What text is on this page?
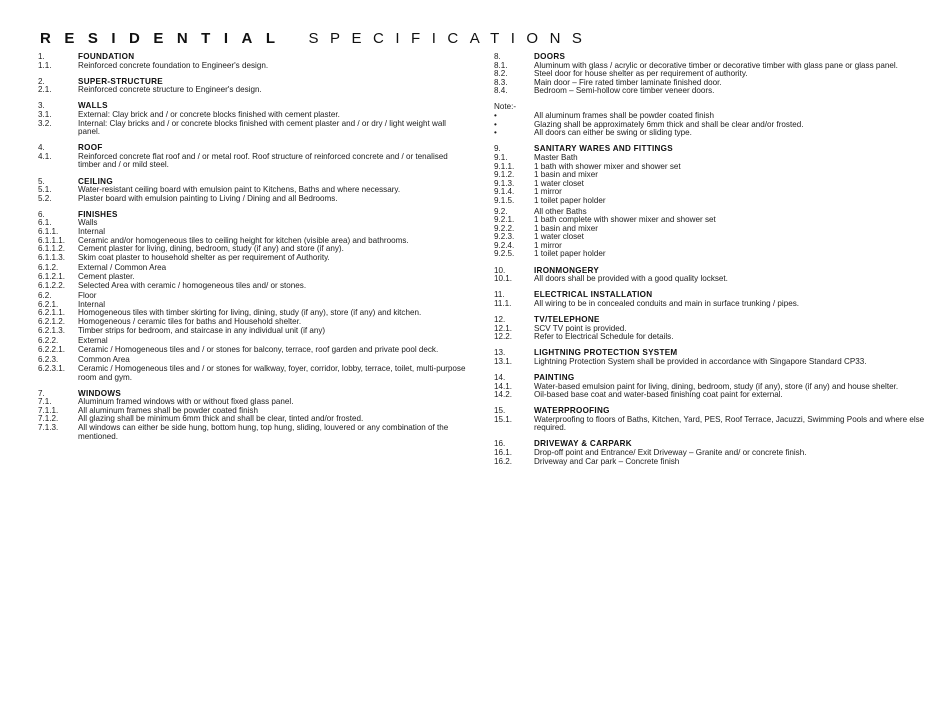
RESIDENTIAL SPECIFICATIONS
1.	FOUNDATION
1.1.	Reinforced concrete foundation to Engineer's design.
2.	SUPER-STRUCTURE
2.1.	Reinforced concrete structure to Engineer's design.
3.	WALLS
3.1.	External: Clay brick and / or concrete blocks finished with cement plaster.
3.2.	Internal: Clay bricks and / or concrete blocks finished with cement plaster and / or dry / light weight wall panel.
4.	ROOF
4.1.	Reinforced concrete flat roof and / or metal roof. Roof structure of reinforced concrete and / or tenalised timber and / or mild steel.
5.	CEILING
5.1.	Water-resistant ceiling board with emulsion paint to Kitchens, Baths and where necessary.
5.2.	Plaster board with emulsion painting to Living / Dining and all Bedrooms.
6.	FINISHES
6.1.	Walls
6.1.1.	Internal
6.1.1.1.	Ceramic and/or homogeneous tiles to ceiling height for kitchen (visible area) and bathrooms.
6.1.1.2.	Cement plaster for living, dining, bedroom, study (if any) and store (if any).
6.1.1.3.	Skim coat plaster to household shelter as per requirement of Authority.
6.1.2.	External / Common Area
6.1.2.1.	Cement plaster.
6.1.2.2.	Selected Area with ceramic / homogeneous tiles and/ or stones.
6.2.	Floor
6.2.1.	Internal
6.2.1.1.	Homogeneous tiles with timber skirting for living, dining, study (if any), store (if any) and kitchen.
6.2.1.2.	Homogeneous / ceramic tiles for baths and Household shelter.
6.2.1.3.	Timber strips for bedroom, and staircase in any individual unit (if any)
6.2.2.	External
6.2.2.1.	Ceramic / Homogeneous tiles and / or stones for balcony, terrace, roof garden and private pool deck.
6.2.3.	Common Area
6.2.3.1.	Ceramic / Homogeneous tiles and / or stones for walkway, foyer, corridor, lobby, terrace, toilet, multi-purpose room and gym.
7.	WINDOWS
7.1.	Aluminum framed windows with or without fixed glass panel.
7.1.1.	All aluminum frames shall be powder coated finish
7.1.2.	All glazing shall be minimum 6mm thick and shall be clear, tinted and/or frosted.
7.1.3.	All windows can either be side hung, bottom hung, top hung, sliding, louvered or any combination of the mentioned.
8.	DOORS
8.1.	Aluminum with glass / acrylic or decorative timber or decorative timber with glass pane or glass panel.
8.2.	Steel door for house shelter as per requirement of authority.
8.3.	Main door – Fire rated timber laminate finished door.
8.4.	Bedroom – Semi-hollow core timber veneer doors.
Note:-
•	All aluminum frames shall be powder coated finish
•	Glazing shall be approximately 6mm thick and shall be clear and/or frosted.
•	All doors can either be swing or sliding type.
9.	SANITARY WARES AND FITTINGS
9.1.	Master Bath
9.1.1.	1 bath with shower mixer and shower set
9.1.2.	1 basin and mixer
9.1.3.	1 water closet
9.1.4.	1 mirror
9.1.5.	1 toilet paper holder
9.2.	All other Baths
9.2.1.	1 bath complete with shower mixer and shower set
9.2.2.	1 basin and mixer
9.2.3.	1 water closet
9.2.4.	1 mirror
9.2.5.	1 toilet paper holder
10.	IRONMONGERY
10.1.	All doors shall be provided with a good quality lockset.
11.	ELECTRICAL INSTALLATION
11.1.	All wiring to be in concealed conduits and main in surface trunking / pipes.
12.	TV/TELEPHONE
12.1.	SCV TV point is provided.
12.2.	Refer to Electrical Schedule for details.
13.	LIGHTNING PROTECTION SYSTEM
13.1.	Lightning Protection System shall be provided in accordance with Singapore Standard CP33.
14.	PAINTING
14.1.	Water-based emulsion paint for living, dining, bedroom, study (if any), store (if any) and house shelter.
14.2.	Oil-based base coat and water-based finishing coat paint for external.
15.	WATERPROOFING
15.1.	Waterproofing to floors of Baths, Kitchen, Yard, PES, Roof Terrace, Jacuzzi, Swimming Pools and where else required.
16.	DRIVEWAY & CARPARK
16.1.	Drop-off point and Entrance/ Exit Driveway – Granite and/ or concrete finish.
16.2.	Driveway and Car park – Concrete finish
